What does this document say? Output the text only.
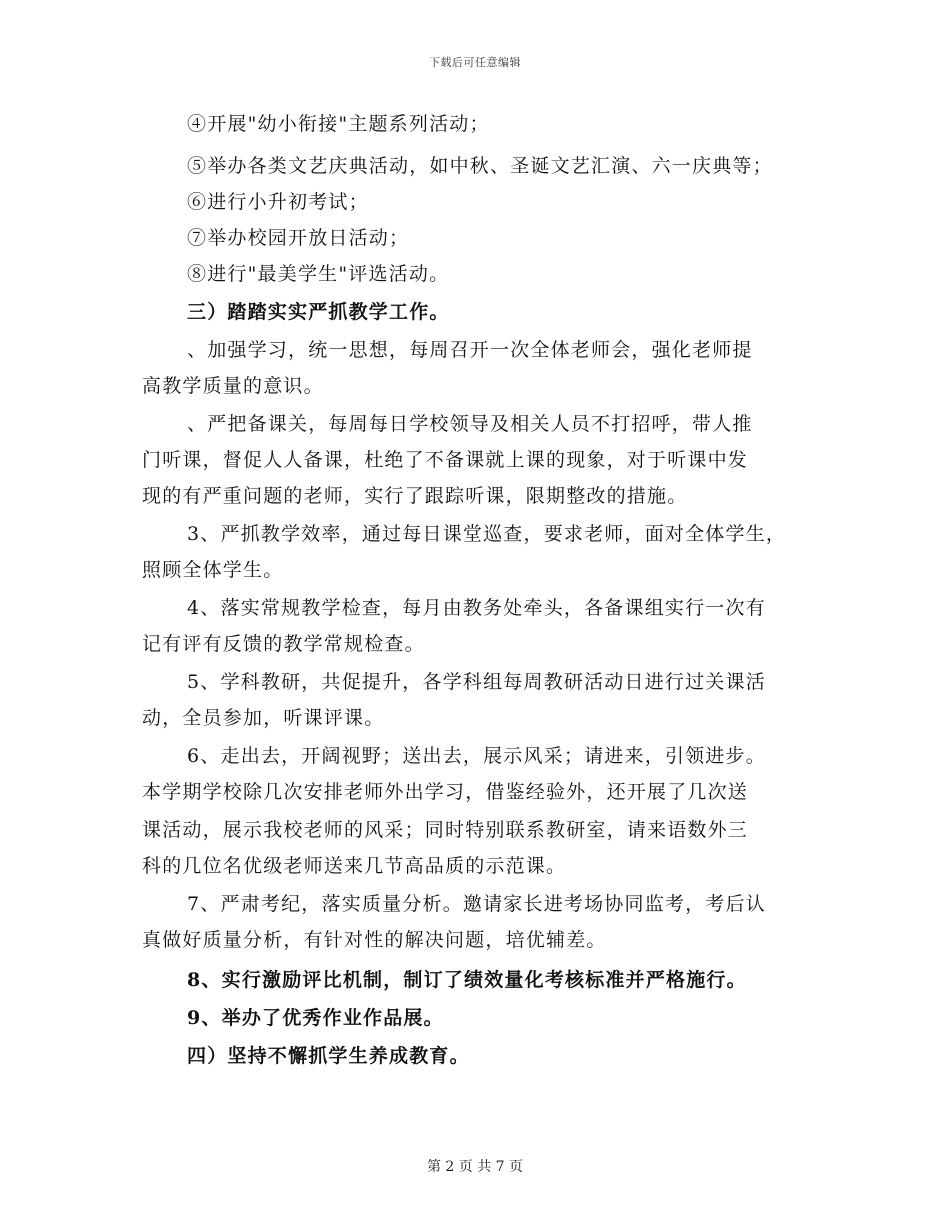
下载后可任意编辑
④开展"幼小衔接"主题系列活动；
⑤举办各类文艺庆典活动，如中秋、圣诞文艺汇演、六一庆典等；
⑥进行小升初考试；
⑦举办校园开放日活动；
⑧进行"最美学生"评选活动。
三）踏踏实实严抓教学工作。
、加强学习，统一思想，每周召开一次全体老师会，强化老师提
高教学质量的意识。
、严把备课关，每周每日学校领导及相关人员不打招呼，带人推
门听课，督促人人备课，杜绝了不备课就上课的现象，对于听课中发
现的有严重问题的老师，实行了跟踪听课，限期整改的措施。
3、严抓教学效率，通过每日课堂巡查，要求老师，面对全体学生，
照顾全体学生。
4、落实常规教学检查，每月由教务处牵头，各备课组实行一次有
记有评有反馈的教学常规检查。
5、学科教研，共促提升，各学科组每周教研活动日进行过关课活
动，全员参加，听课评课。
6、走出去，开阔视野；送出去，展示风采；请进来，引领进步。
本学期学校除几次安排老师外出学习，借鉴经验外，还开展了几次送
课活动，展示我校老师的风采；同时特别联系教研室，请来语数外三
科的几位名优级老师送来几节高品质的示范课。
7、严肃考纪，落实质量分析。邀请家长进考场协同监考，考后认
真做好质量分析，有针对性的解决问题，培优辅差。
8、实行激励评比机制，制订了绩效量化考核标准并严格施行。
9、举办了优秀作业作品展。
四）坚持不懈抓学生养成教育。
第 2 页 共 7 页
